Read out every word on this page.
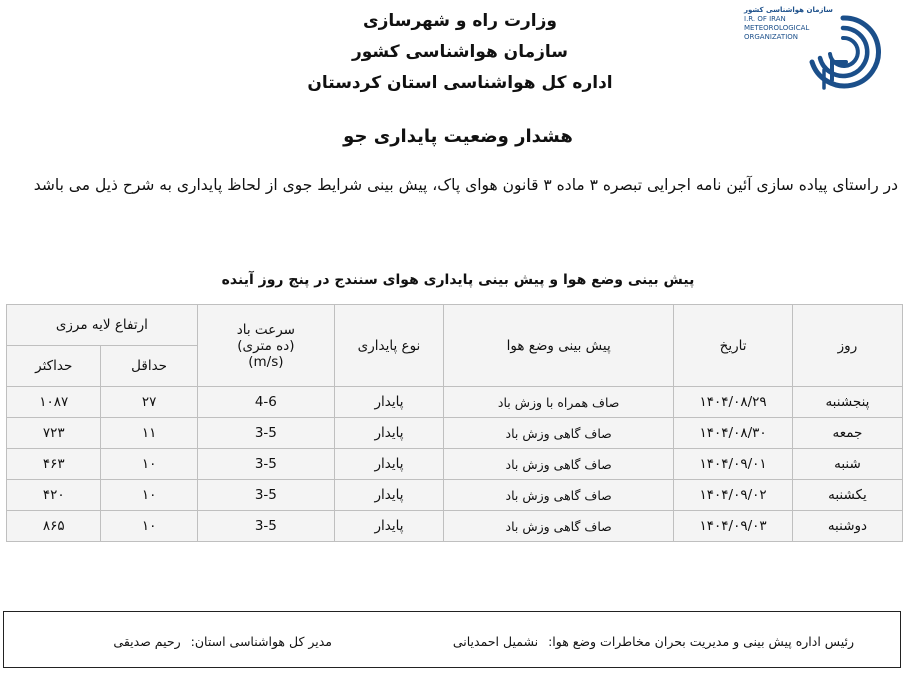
سازمان هواشناسی کشور
I.R. OF IRAN
METEOROLOGICAL
ORGANIZATION
وزارت راه و شهرسازی
سازمان هواشناسی کشور
اداره کل هواشناسی استان کردستان
هشدار وضعیت پایداری جو
در راستای پیاده سازی آئین نامه اجرایی تبصره ۳ ماده ۳ قانون هوای پاک، پیش بینی شرایط جوی از لحاظ پایداری به شرح ذیل می باشد
پیش بینی وضع هوا و پیش بینی پایداری هوای سنندج در پنج روز آینده
روز	تاریخ	پیش بینی وضع هوا	نوع پایداری	سرعت باد
(ده متری)
(m/s)	ارتفاع لایه مرزی	
					حداقل	حداکثر
پنجشنبه	۱۴۰۴/۰۸/۲۹	صاف همراه با وزش باد	پایدار	4-6	۲۷	۱۰۸۷
جمعه	۱۴۰۴/۰۸/۳۰	صاف گاهی وزش باد	پایدار	3-5	۱۱	۷۲۳
شنبه	۱۴۰۴/۰۹/۰۱	صاف گاهی وزش باد	پایدار	3-5	۱۰	۴۶۳
یکشنبه	۱۴۰۴/۰۹/۰۲	صاف گاهی وزش باد	پایدار	3-5	۱۰	۴۲۰
دوشنبه	۱۴۰۴/۰۹/۰۳	صاف گاهی وزش باد	پایدار	3-5	۱۰	۸۶۵
رئیس اداره پیش بینی و مدیریت بحران مخاطرات وضع هوا: نشمیل احمدیانی
مدیر کل هواشناسی استان: رحیم صدیقی
